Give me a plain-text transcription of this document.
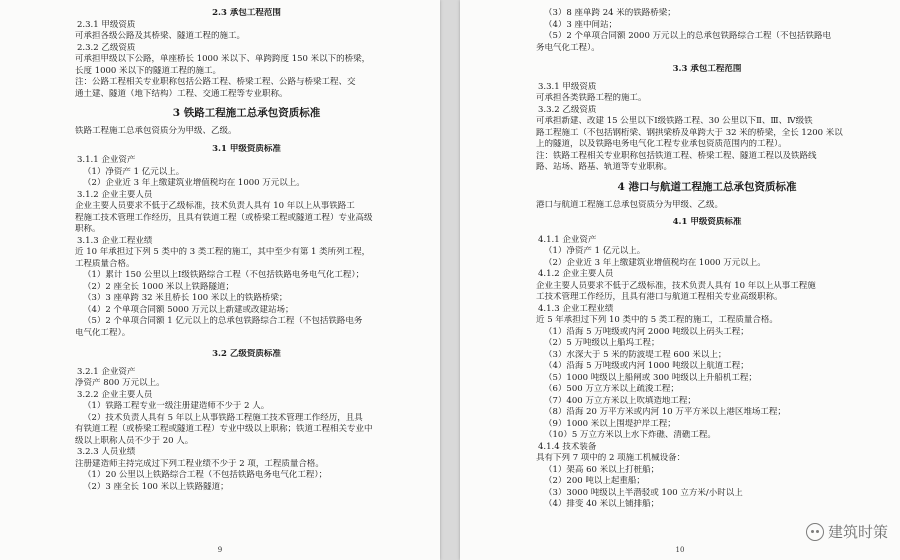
2.3 承包工程范围
2.3.1 甲级资质
可承担各级公路及其桥梁、隧道工程的施工。
2.3.2 乙级资质
可承担甲级以下公路，单座桥长 1000 米以下、单跨跨度 150 米以下的桥梁，
长度 1000 米以下的隧道工程的施工。
注：公路工程相关专业职称包括公路工程、桥梁工程、公路与桥梁工程、交
通土建、隧道（地下结构）工程、交通工程等专业职称。
3 铁路工程施工总承包资质标准
铁路工程施工总承包资质分为甲级、乙级。
3.1 甲级资质标准
3.1.1 企业资产
（1）净资产 1 亿元以上。
（2）企业近 3 年上缴建筑业增值税均在 1000 万元以上。
3.1.2 企业主要人员
企业主要人员要求不低于乙级标准，技术负责人具有 10 年以上从事铁路工
程施工技术管理工作经历，且具有铁道工程（或桥梁工程或隧道工程）专业高级
职称。
3.1.3 企业工程业绩
近 10 年承担过下列 5 类中的 3 类工程的施工，其中至少有第 1 类所列工程，
工程质量合格。
（1）累计 150 公里以上Ⅰ级铁路综合工程（不包括铁路电务电气化工程）；
（2）2 座全长 1000 米以上铁路隧道；
（3）3 座单跨 32 米且桥长 100 米以上的铁路桥梁；
（4）2 个单项合同额 5000 万元以上新建或改建站场；
（5）2 个单项合同额 1 亿元以上的总承包铁路综合工程（不包括铁路电务
电气化工程）。
3.2 乙级资质标准
3.2.1 企业资产
净资产 800 万元以上。
3.2.2 企业主要人员
（1）铁路工程专业一级注册建造师不少于 2 人。
（2）技术负责人具有 5 年以上从事铁路工程施工技术管理工作经历，且具
有铁道工程（或桥梁工程或隧道工程）专业中级以上职称；铁道工程相关专业中
级以上职称人员不少于 20 人。
3.2.3 人员业绩
注册建造师主持完成过下列工程业绩不少于 2 项，工程质量合格。
（1）20 公里以上铁路综合工程（不包括铁路电务电气化工程）；
（2）3 座全长 100 米以上铁路隧道；
9
（3）8 座单跨 24 米的铁路桥梁；
（4）3 座中间站；
（5）2 个单项合同额 2000 万元以上的总承包铁路综合工程（不包括铁路电
务电气化工程）。
3.3 承包工程范围
3.3.1 甲级资质
可承担各类铁路工程的施工。
3.3.2 乙级资质
可承担新建、改建 15 公里以下Ⅰ级铁路工程、30 公里以下Ⅱ、Ⅲ、Ⅳ级铁
路工程施工（不包括钢桁梁、钢拱梁桥及单跨大于 32 米的桥梁，全长 1200 米以
上的隧道，以及铁路电务电气化工程专业承包资质范围内的工程）。
注：铁路工程相关专业职称包括铁道工程、桥梁工程、隧道工程以及铁路线
路、站场、路基、轨道等专业职称。
4 港口与航道工程施工总承包资质标准
港口与航道工程施工总承包资质分为甲级、乙级。
4.1 甲级资质标准
4.1.1 企业资产
（1）净资产 1 亿元以上。
（2）企业近 3 年上缴建筑业增值税均在 1000 万元以上。
4.1.2 企业主要人员
企业主要人员要求不低于乙级标准，技术负责人具有 10 年以上从事工程施
工技术管理工作经历，且具有港口与航道工程相关专业高级职称。
4.1.3 企业工程业绩
近 5 年承担过下列 10 类中的 5 类工程的施工，工程质量合格。
（1）沿海 5 万吨级或内河 2000 吨级以上码头工程；
（2）5 万吨级以上船坞工程；
（3）水深大于 5 米的防波堤工程 600 米以上；
（4）沿海 5 万吨级或内河 1000 吨级以上航道工程；
（5）1000 吨级以上船闸或 300 吨级以上升船机工程；
（6）500 万立方米以上疏浚工程；
（7）400 万立方米以上吹填造地工程；
（8）沿海 20 万平方米或内河 10 万平方米以上港区堆场工程；
（9）1000 米以上围堤护岸工程；
（10）5 万立方米以上水下炸礁、清礁工程。
4.1.4 技术装备
具有下列 7 项中的 2 项施工机械设备：
（1）架高 60 米以上打桩船；
（2）200 吨以上起重船；
（3）3000 吨级以上半潜驳或 100 立方米/小时以上
（4）排变 40 米以上铺排船；
10
建筑时策
